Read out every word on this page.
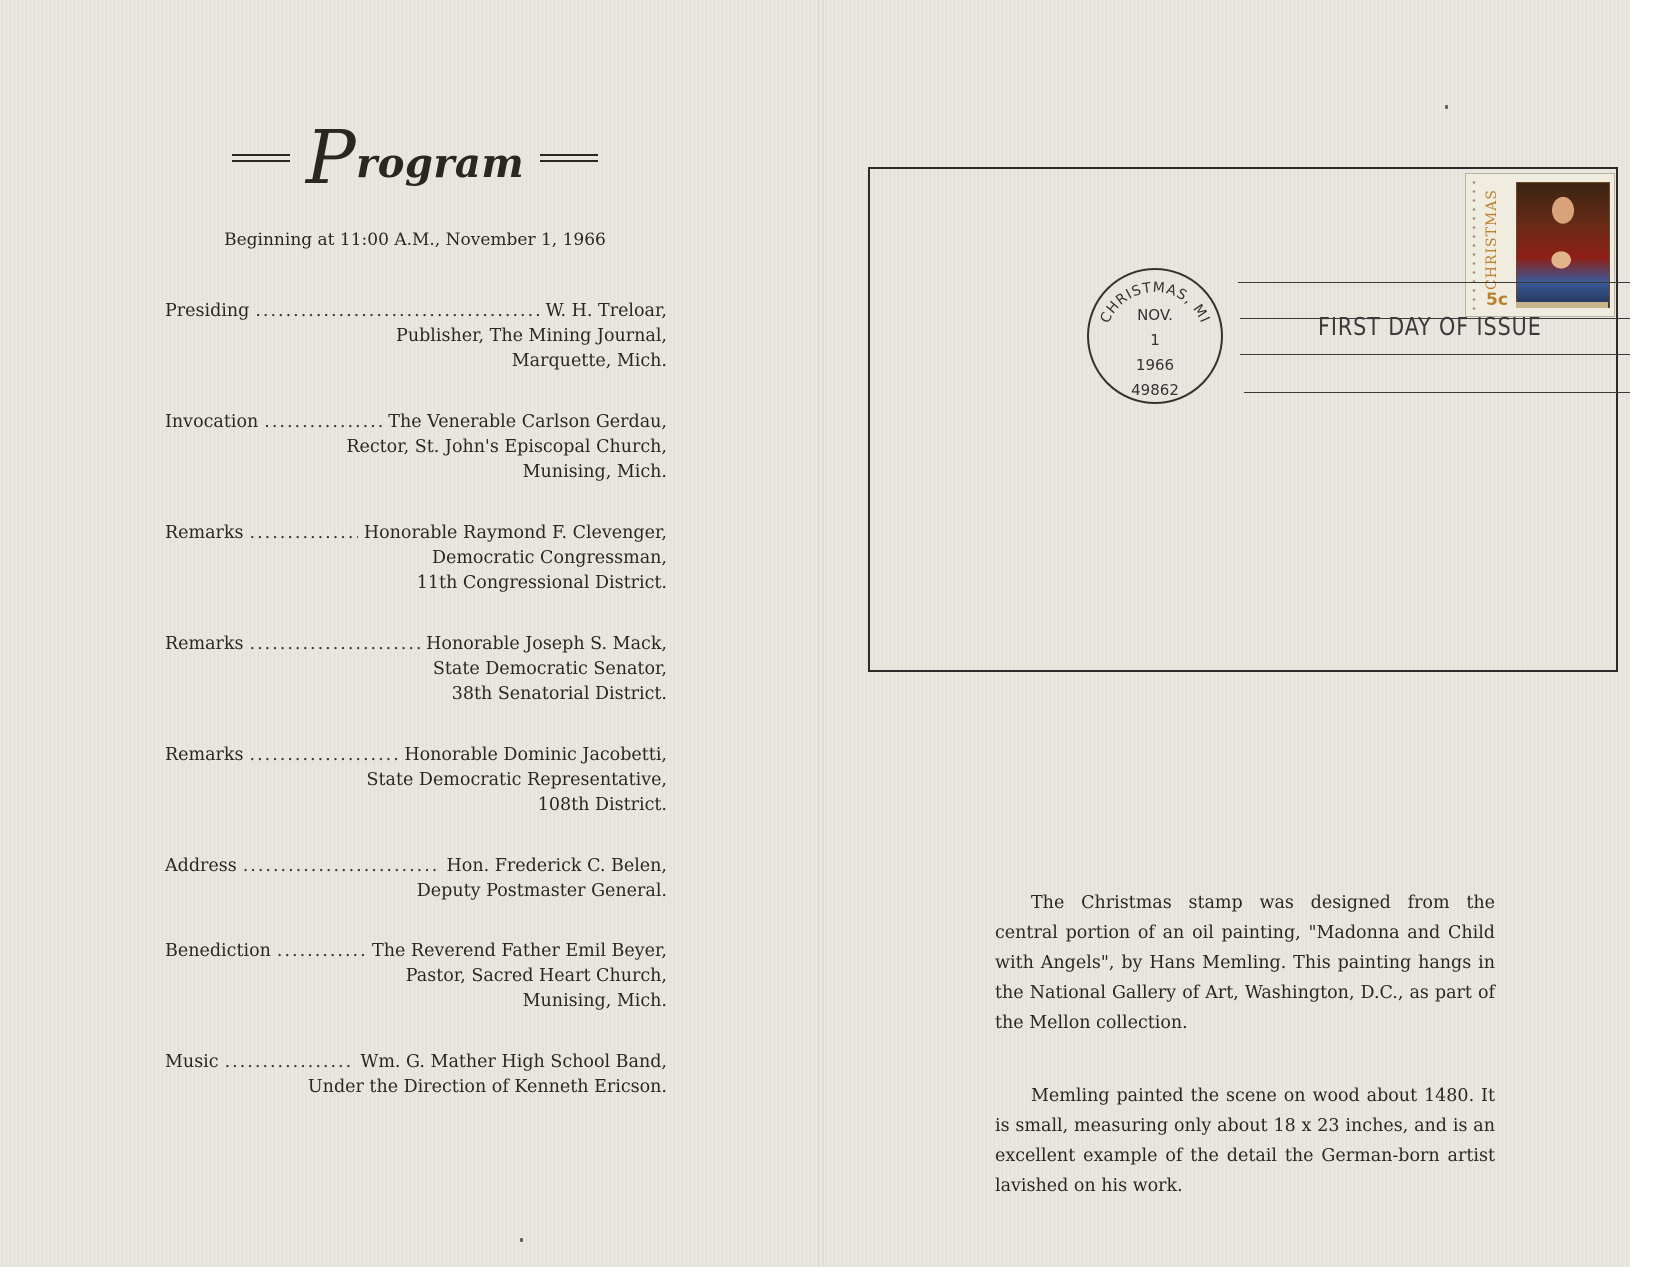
Program
Beginning at 11:00 A.M., November 1, 1966
Presiding .....	W. H. Treloar,
Publisher, The Mining Journal,
Marquette, Mich.
Invocation .....	The Venerable Carlson Gerdau,
Rector, St. John's Episcopal Church,
Munising, Mich.
Remarks .....	Honorable Raymond F. Clevenger,
Democratic Congressman,
11th Congressional District.
Remarks .....	Honorable Joseph S. Mack,
State Democratic Senator,
38th Senatorial District.
Remarks .....	Honorable Dominic Jacobetti,
State Democratic Representative,
108th District.
Address .....	Hon. Frederick C. Belen,
Deputy Postmaster General.
Benediction .....	The Reverend Father Emil Beyer,
Pastor, Sacred Heart Church,
Munising, Mich.
Music .....	Wm. G. Mather High School Band,
Under the Direction of Kenneth Ericson.
CHRISTMAS
5c
FIRST DAY OF ISSUE
CHRISTMAS, MI
NOV.
1
1966
49862
The Christmas stamp was designed from the central portion of an oil painting, "Madonna and Child with Angels", by Hans Memling. This painting hangs in the National Gallery of Art, Washington, D.C., as part of the Mellon collection.
Memling painted the scene on wood about 1480. It is small, measuring only about 18 x 23 inches, and is an excellent example of the detail the German-born artist lavished on his work.
